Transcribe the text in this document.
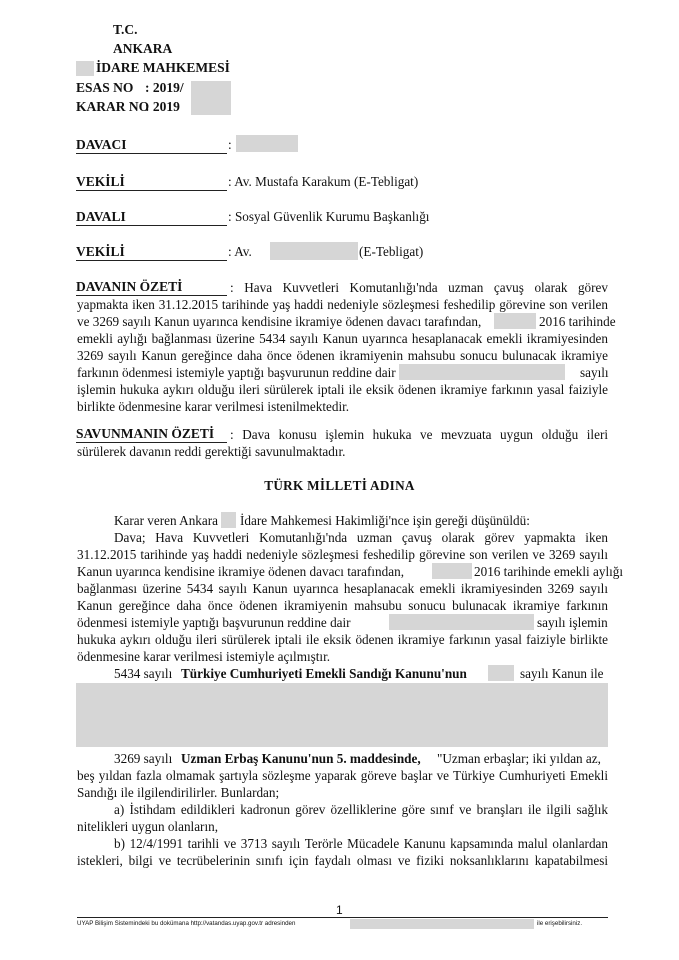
T.C.
ANKARA
İDARE MAHKEMESİ
ESAS NO : 2019/
KARAR NO
: 2019
DAVACI	:
VEKİLİ	: Av. Mustafa Karakum (E-Tebligat)
DAVALI	: Sosyal Güvenlik Kurumu Başkanlığı
VEKİLİ	: Av.	(E-Tebligat)
DAVANIN ÖZETİ	: Hava Kuvvetleri Komutanlığı'nda uzman çavuş olarak görev
yapmakta iken 31.12.2015 tarihinde yaş haddi nedeniyle sözleşmesi feshedilip görevine son verilen
ve 3269 sayılı Kanun uyarınca kendisine ikramiye ödenen davacı tarafından,	2016 tarihinde
emekli aylığı bağlanması üzerine 5434 sayılı Kanun uyarınca hesaplanacak emekli ikramiyesinden
3269 sayılı Kanun gereğince daha önce ödenen ikramiyenin mahsubu sonucu bulunacak ikramiye
farkının ödenmesi istemiyle yaptığı başvurunun reddine dair	sayılı
işlemin hukuka aykırı olduğu ileri sürülerek iptali ile eksik ödenen ikramiye farkının yasal faiziyle
birlikte ödenmesine karar verilmesi istenilmektedir.
SAVUNMANIN ÖZETİ : Dava konusu işlemin hukuka ve mevzuata uygun olduğu ileri
sürülerek davanın reddi gerektiği savunulmaktadır.
TÜRK MİLLETİ ADINA
Karar veren Ankara İdare Mahkemesi Hakimliği'nce işin gereği düşünüldü:
Dava; Hava Kuvvetleri Komutanlığı'nda uzman çavuş olarak görev yapmakta iken
31.12.2015 tarihinde yaş haddi nedeniyle sözleşmesi feshedilip görevine son verilen ve 3269 sayılı
Kanun uyarınca kendisine ikramiye ödenen davacı tarafından,	2016 tarihinde emekli aylığı
bağlanması üzerine 5434 sayılı Kanun uyarınca hesaplanacak emekli ikramiyesinden 3269 sayılı
Kanun gereğince daha önce ödenen ikramiyenin mahsubu sonucu bulunacak ikramiye farkının
ödenmesi istemiyle yaptığı başvurunun reddine dair	sayılı işlemin
hukuka aykırı olduğu ileri sürülerek iptali ile eksik ödenen ikramiye farkının yasal faiziyle birlikte
ödenmesine karar verilmesi istemiyle açılmıştır.
5434 sayılı Türkiye Cumhuriyeti Emekli Sandığı Kanunu'nun	sayılı Kanun ile
3269 sayılı Uzman Erbaş Kanunu'nun 5. maddesinde, "Uzman erbaşlar; iki yıldan az,
beş yıldan fazla olmamak şartıyla sözleşme yaparak göreve başlar ve Türkiye Cumhuriyeti Emekli
Sandığı ile ilgilendirilirler. Bunlardan;
a) İstihdam edildikleri kadronun görev özelliklerine göre sınıf ve branşları ile ilgili sağlık
nitelikleri uygun olanların,
b) 12/4/1991 tarihli ve 3713 sayılı Terörle Mücadele Kanunu kapsamında malul olanlardan
istekleri, bilgi ve tecrübelerinin sınıfı için faydalı olması ve fiziki noksanlıklarını kapatabilmesi
1
UYAP Bilişim Sistemindeki bu dokümana http://vatandas.uyap.gov.tr adresinden	ile erişebilirsiniz.
